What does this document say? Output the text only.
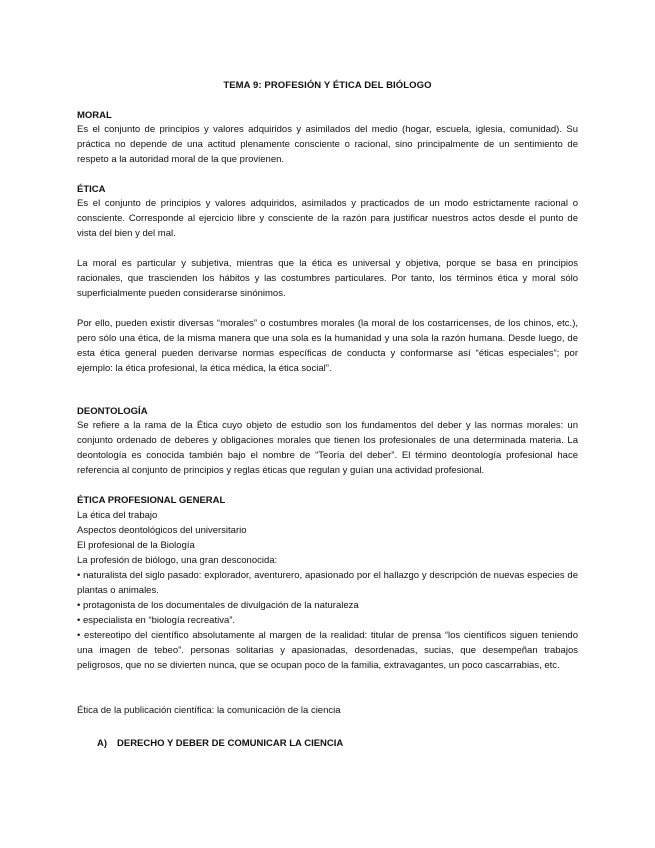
TEMA 9: PROFESIÓN Y ÉTICA DEL BIÓLOGO
MORAL
Es el conjunto de principios y valores adquiridos y asimilados del medio (hogar, escuela, iglesia, comunidad). Su práctica no depende de una actitud plenamente consciente o racional, sino principalmente de un sentimiento de respeto a la autoridad moral de la que provienen.
ÉTICA
Es el conjunto de principios y valores adquiridos, asimilados y practicados de un modo estrictamente racional o consciente. Corresponde al ejercicio libre y consciente de la razón para justificar nuestros actos desde el punto de vista del bien y del mal.
La moral es particular y subjetiva, mientras que la ética es universal y objetiva, porque se basa en principios racionales, que trascienden los hábitos y las costumbres particulares. Por tanto, los términos ética y moral sólo superficialmente pueden considerarse sinónimos.
Por ello, pueden existir diversas “morales” o costumbres morales (la moral de los costarricenses, de los chinos, etc.), pero sólo una ética, de la misma manera que una sola es la humanidad y una sola la razón humana. Desde luego, de esta ética general pueden derivarse normas específicas de conducta y conformarse así “éticas especiales”; por ejemplo: la ética profesional, la ética médica, la ética social”.
DEONTOLOGÍA
Se refiere a la rama de la Ética cuyo objeto de estudio son los fundamentos del deber y las normas morales: un conjunto ordenado de deberes y obligaciones morales que tienen los profesionales de una determinada materia. La deontología es conocida también bajo el nombre de “Teoría del deber”. El término deontología profesional hace referencia al conjunto de principios y reglas éticas que regulan y guían una actividad profesional.
ÉTICA PROFESIONAL GENERAL
La ética del trabajo
Aspectos deontológicos del universitario
El profesional de la Biología
La profesión de biólogo, una gran desconocida:
• naturalista del siglo pasado: explorador, aventurero, apasionado por el hallazgo y descripción de nuevas especies de plantas o animales.
• protagonista de los documentales de divulgación de la naturaleza
• especialista en “biología recreativa”.
• estereotipo del científico absolutamente al margen de la realidad: titular de prensa “los científicos siguen teniendo una imagen de tebeo”. personas solitarias y apasionadas, desordenadas, sucias, que desempeñan trabajos peligrosos, que no se divierten nunca, que se ocupan poco de la familia, extravagantes, un poco cascarrabias, etc.
Ética de la publicación científica: la comunicación de la ciencia
A) DERECHO Y DEBER DE COMUNICAR LA CIENCIA
